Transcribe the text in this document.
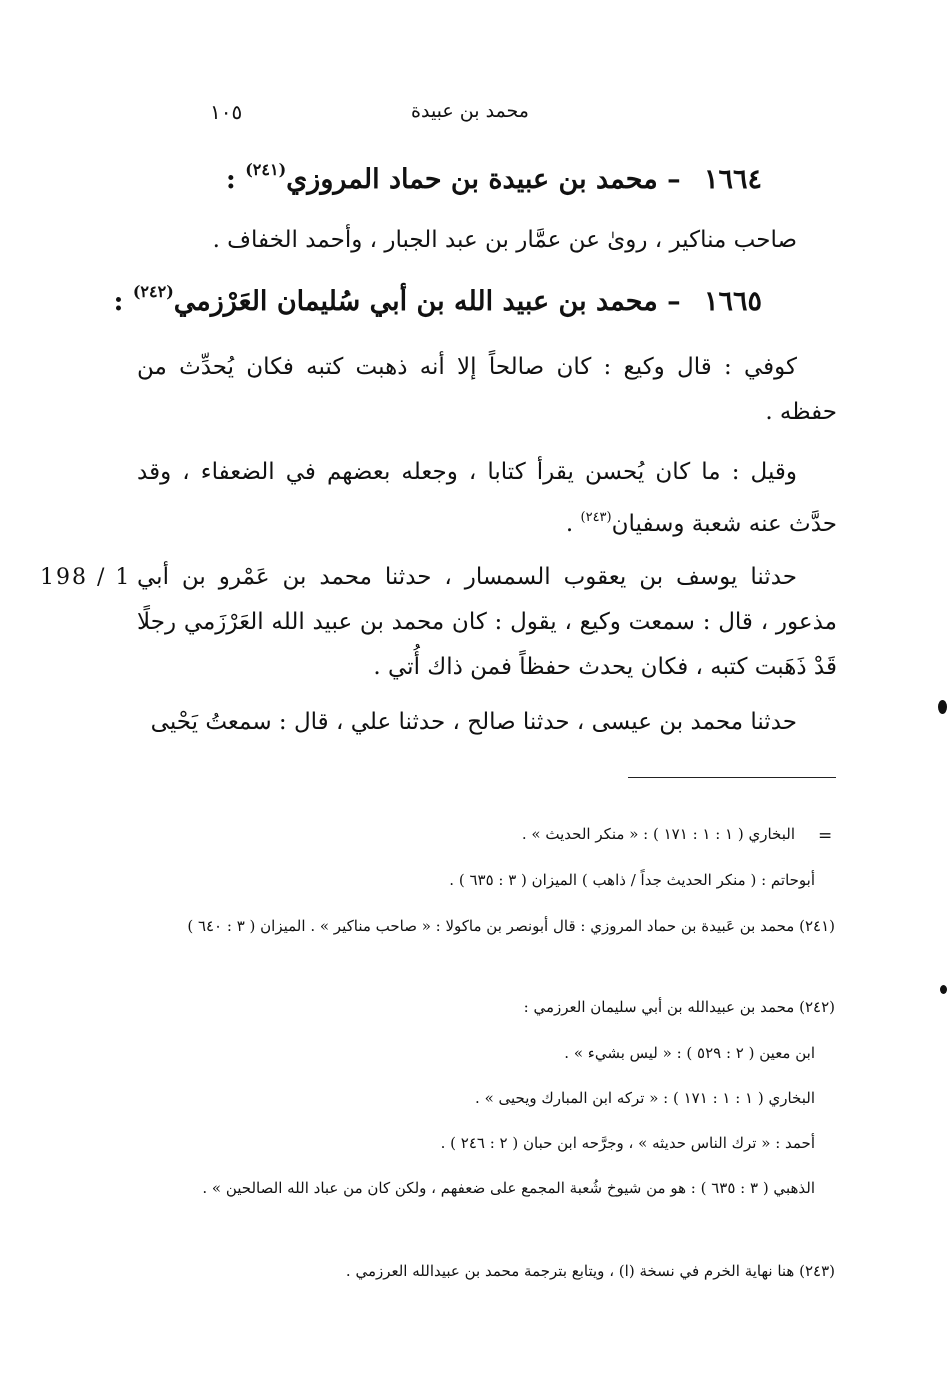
محمد بن عبيدة
١٠٥
١٦٦٤ – محمد بن عبيدة بن حماد المروزي$^{(٢٤١)}$ :

صاحب مناكير ، روىٰ عن عمَّار بن عبد الجبار ، وأحمد الخفاف .

١٦٦٥ – محمد بن عبيد الله بن أبي سُليمان العَرْزمي$^{(٢٤٢)}$ :

كوفي : قال وكيع : كان صالحاً إلا أنه ذهبت كتبه فكان يُحدِّث من حفظه .

وقيل : ما كان يُحسن يقرأ كتابا ، وجعله بعضهم في الضعفاء ، وقد حدَّث عنه شعبة وسفيان$^{(٢٤٣)}$ .

حدثنا يوسف بن يعقوب السمسار ، حدثنا محمد بن عَمْرو بن أبي مذعور ، قال : سمعت وكيع ، يقول : كان محمد بن عبيد الله العَرْزَمي رجلًا قَدْ ذَهَبت كتبه ، فكان يحدث حفظاً فمن ذاك أُتي .

حدثنا محمد بن عيسى ، حدثنا صالح ، حدثنا علي ، قال : سمعتُ يَحْيى

198 / 1
=

البخاري ( ١ : ١ : ١٧١ ) : « منكر الحديث » .

أبوحاتم : ( منكر الحديث جداً / ذاهب ) الميزان ( ٣ : ٦٣٥ ) .

(٢٤١) محمد بن عَبيدة بن حماد المروزي : قال أبونصر بن ماكولا : « صاحب مناكير » . الميزان ( ٣ : ٦٤٠ )

(٢٤٢) محمد بن عبيدالله بن أبي سليمان العرزمي :

ابن معين ( ٢ : ٥٢٩ ) : « ليس بشيء » .

البخاري ( ١ : ١ : ١٧١ ) : « تركه ابن المبارك ويحيى » .

أحمد : « ترك الناس حديثه » ، وجرَّحه ابن حبان ( ٢ : ٢٤٦ ) .

الذهبي ( ٣ : ٦٣٥ ) : هو من شيوخ شُعبة المجمع على ضعفهم ، ولكن كان من عباد الله الصالحين » .

(٢٤٣) هنا نهاية الخرم في نسخة (ا) ، ويتابع بترجمة محمد بن عبيدالله العرزمي .
